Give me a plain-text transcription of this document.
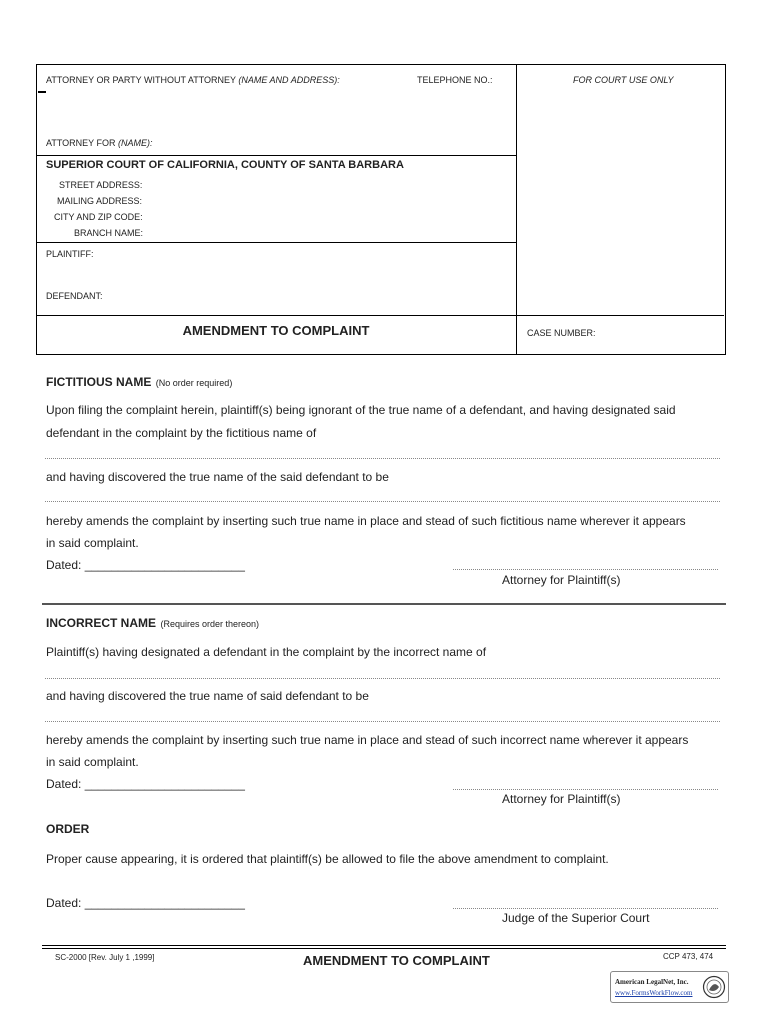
ATTORNEY OR PARTY WITHOUT ATTORNEY (NAME AND ADDRESS):	TELEPHONE NO.:	FOR COURT USE ONLY
ATTORNEY FOR (NAME):
SUPERIOR COURT OF CALIFORNIA, COUNTY OF SANTA BARBARA
STREET ADDRESS:
MAILING ADDRESS:
CITY AND ZIP CODE:
BRANCH NAME:
PLAINTIFF:
DEFENDANT:
AMENDMENT TO COMPLAINT	CASE NUMBER:
FICTITIOUS NAME (No order required)
Upon filing the complaint herein, plaintiff(s) being ignorant of the true name of a defendant, and having designated said
defendant in the complaint by the fictitious name of
and having discovered the true name of the said defendant to be
hereby amends the complaint by inserting such true name in place and stead of such fictitious name wherever it appears
in said complaint.
Dated: ________________________
Attorney for Plaintiff(s)
INCORRECT NAME (Requires order thereon)
Plaintiff(s) having designated a defendant in the complaint by the incorrect name of
and having discovered the true name of said defendant to be
hereby amends the complaint by inserting such true name in place and stead of such incorrect name wherever it appears
in said complaint.
Dated: ________________________
Attorney for Plaintiff(s)
ORDER
Proper cause appearing, it is ordered that plaintiff(s) be allowed to file the above amendment to complaint.
Dated: ________________________
Judge of the Superior Court
SC-2000 [Rev. July 1 ,1999]	AMENDMENT TO COMPLAINT	CCP 473, 474
American LegalNet, Inc.
www.FormsWorkFlow.com
